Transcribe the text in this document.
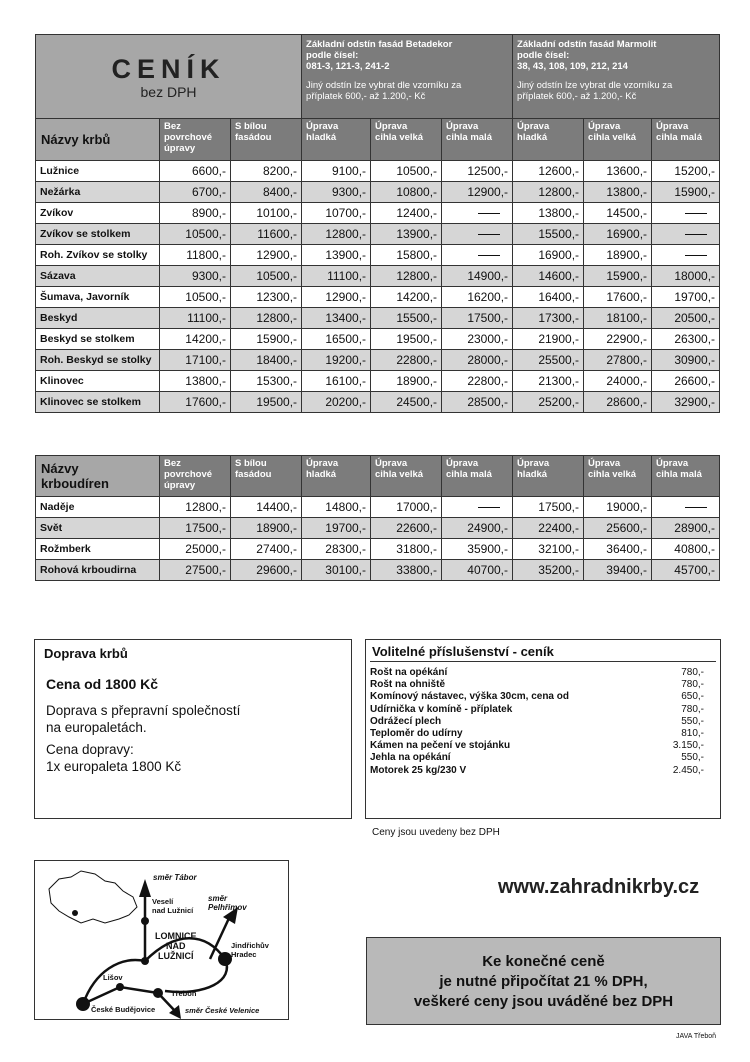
CENÍK
bez DPH			Základní odstín fasád Betadekor
podle čísel:
081-3, 121-3, 241-2
Jiný odstín lze vybrat dle vzorníku za
příplatek 600,- až 1.200,- Kč			Základní odstín fasád Marmolit
podle čísel:
38, 43, 108, 109, 212, 214
Jiný odstín lze vybrat dle vzorníku za
příplatek 600,- až 1.200,- Kč		

Názvy krbů	Bez
povrchové
úpravy	S bílou
fasádou	Úprava
hladká	Úprava
cihla velká	Úprava
cihla malá	Úprava
hladká	Úprava
cihla velká	Úprava
cihla malá

Lužnice	6600,-	8200,-	9100,-	10500,-	12500,-	12600,-	13600,-	15200,-
Nežárka	6700,-	8400,-	9300,-	10800,-	12900,-	12800,-	13800,-	15900,-
Zvíkov	8900,-	10100,-	10700,-	12400,-		13800,-	14500,-	
Zvíkov se stolkem	10500,-	11600,-	12800,-	13900,-		15500,-	16900,-	
Roh. Zvíkov se stolky	11800,-	12900,-	13900,-	15800,-		16900,-	18900,-	
Sázava	9300,-	10500,-	11100,-	12800,-	14900,-	14600,-	15900,-	18000,-
Šumava, Javorník	10500,-	12300,-	12900,-	14200,-	16200,-	16400,-	17600,-	19700,-
Beskyd	11100,-	12800,-	13400,-	15500,-	17500,-	17300,-	18100,-	20500,-
Beskyd se stolkem	14200,-	15900,-	16500,-	19500,-	23000,-	21900,-	22900,-	26300,-
Roh. Beskyd se stolky	17100,-	18400,-	19200,-	22800,-	28000,-	25500,-	27800,-	30900,-
Klinovec	13800,-	15300,-	16100,-	18900,-	22800,-	21300,-	24000,-	26600,-
Klinovec se stolkem	17600,-	19500,-	20200,-	24500,-	28500,-	25200,-	28600,-	32900,-
Názvy
krboudíren	Bez
povrchové
úpravy	S bílou
fasádou	Úprava
hladká	Úprava
cihla velká	Úprava
cihla malá	Úprava
hladká	Úprava
cihla velká	Úprava
cihla malá

Naděje	12800,-	14400,-	14800,-	17000,-		17500,-	19000,-	
Svět	17500,-	18900,-	19700,-	22600,-	24900,-	22400,-	25600,-	28900,-
Rožmberk	25000,-	27400,-	28300,-	31800,-	35900,-	32100,-	36400,-	40800,-
Rohová krboudirna	27500,-	29600,-	30100,-	33800,-	40700,-	35200,-	39400,-	45700,-
Doprava krbů
Cena od 1800 Kč
Doprava s přepravní společností
na europaletách.
Cena dopravy:
1x europaleta 1800 Kč
Volitelné příslušenství - ceník
Rošt na opékání	780,-
Rošt na ohniště	780,-
Komínový nástavec, výška 30cm, cena od	650,-
Udírnička v komíně - příplatek	780,-
Odrážecí plech	550,-
Teploměr do udírny	810,-
Kámen na pečení ve stojánku	3.150,-
Jehla na opékání	550,-
Motorek 25 kg/230 V	2.450,-
Ceny jsou uvedeny bez DPH
směr Tábor
Veselí
nad Lužnicí
směr
Pelhřimov
LOMNICE
NAD
LUŽNICÍ
Jindřichův
Hradec
Lišov
Třeboň
České Budějovice	směr České Velenice
www.zahradnikrby.cz
Ke konečné ceně
je nutné připočítat 21 % DPH,
veškeré ceny jsou uváděné bez DPH
JAVA Třeboň
